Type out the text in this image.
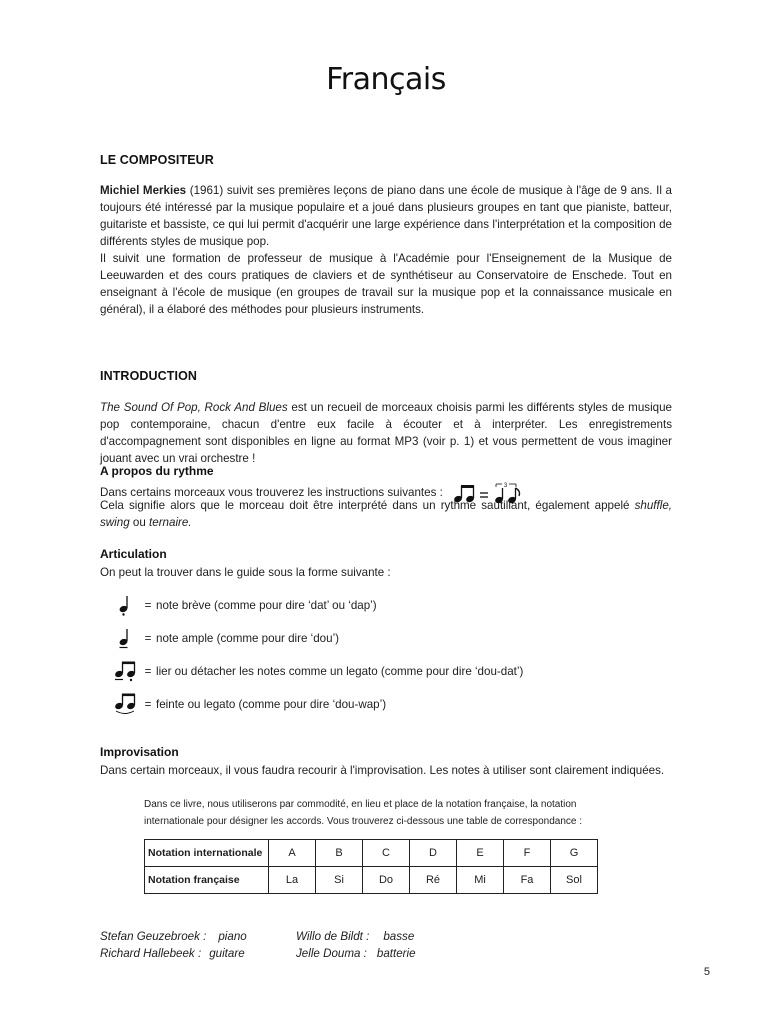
Français
LE COMPOSITEUR

Michiel Merkies (1961) suivit ses premières leçons de piano dans une école de musique à l'âge de 9 ans. Il a toujours été intéressé par la musique populaire et a joué dans plusieurs groupes en tant que pianiste, batteur, guitariste et bassiste, ce qui lui permit d'acquérir une large expérience dans l'interprétation et la composition de différents styles de musique pop.

Il suivit une formation de professeur de musique à l'Académie pour l'Enseignement de la Musique de Leeuwarden et des cours pratiques de claviers et de synthétiseur au Conservatoire de Enschede. Tout en enseignant à l'école de musique (en groupes de travail sur la musique pop et la connaissance musicale en général), il a élaboré des méthodes pour plusieurs instruments.

INTRODUCTION

The Sound Of Pop, Rock And Blues est un recueil de morceaux choisis parmi les différents styles de musique pop contemporaine, chacun d'entre eux facile à écouter et à interpréter. Les enregistrements d'accompagnement sont disponibles en ligne au format MP3 (voir p. 1) et vous permettent de vous imaginer jouant avec un vrai orchestre !

A propos du rythme
Dans certains morceaux vous trouverez les instructions suivantes :
3

Cela signifie alors que le morceau doit être interprété dans un rythme sautillant, également appelé shuffle, swing ou ternaire.

Articulation
On peut la trouver dans le guide sous la forme suivante :
= note brève (comme pour dire ‘dat’ ou ‘dap’)
= note ample (comme pour dire ‘dou’)
= lier ou détacher les notes comme un legato (comme pour dire ‘dou-dat’)
= feinte ou legato (comme pour dire ‘dou-wap’)
Improvisation
Dans certain morceaux, il vous faudra recourir à l'improvisation. Les notes à utiliser sont clairement indiquées.
Dans ce livre, nous utiliserons par commodité, en lieu et place de la notation française, la notation
internationale pour désigner les accords. Vous trouverez ci-dessous une table de correspondance :
Notation internationale	A	B	C	D	E	F	G
Notation française	La	Si	Do	Ré	Mi	Fa	Sol
Stefan Geuzebroek : piano
Richard Hallebeek : guitare
Willo de Bildt : basse
Jelle Douma : batterie
5
